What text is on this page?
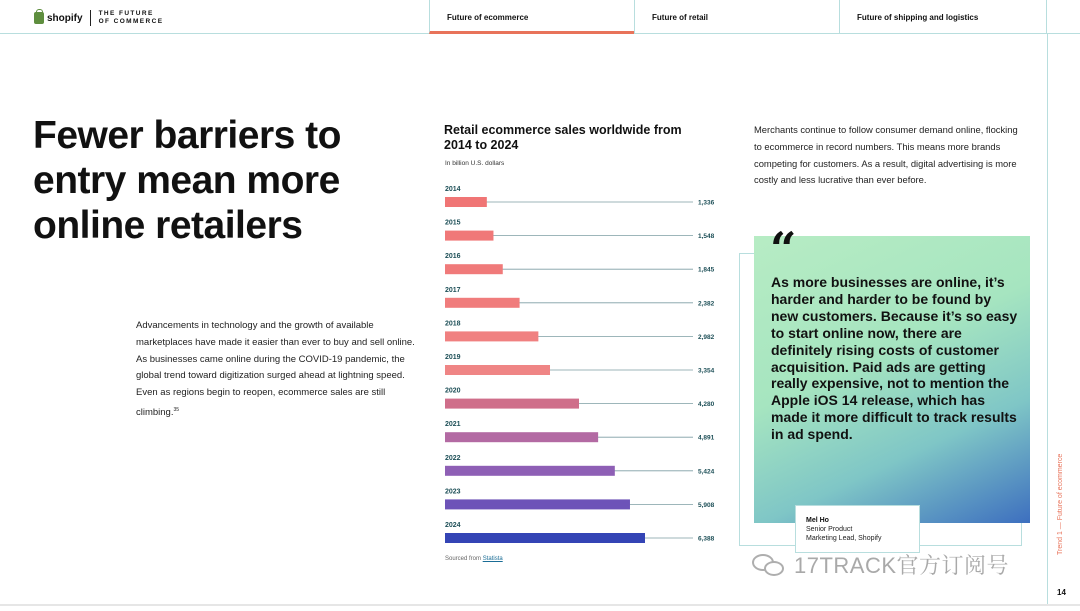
shopify THE FUTURE
OF COMMERCE	Future of ecommerce	Future of retail	Future of shipping and logistics
Fewer barriers to entry mean more online retailers

Advancements in technology and the growth of available marketplaces have made it easier than ever to buy and sell online. As businesses came online during the COVID-19 pandemic, the global trend toward digitization surged ahead at lightning speed. Even as regions begin to reopen, ecommerce sales are still climbing.$^{35}$

Retail ecommerce sales worldwide from 2014 to 2024
In billion U.S. dollars
2014
1,336
2015
1,548
2016
1,845
2017
2,382
2018
2,982
2019
3,354
2020
4,280
2021
4,891
2022
5,424
2023
5,908
2024
6,388
Sourced from Statista

Merchants continue to follow consumer demand online, flocking to ecommerce in record numbers. This means more brands competing for customers. As a result, digital advertising is more costly and less lucrative than ever before.

“

As more businesses are online, it’s harder and harder to be found by new customers. Because it’s so easy to start online now, there are definitely rising costs of customer acquisition. Paid ads are getting really expensive, not to mention the Apple iOS 14 release, which has made it more difficult to track results in ad spend.

Mel Ho
Senior Product
Marketing Lead, Shopify	Trend 1 — Future of ecommerce
14
17TRACK官方订阅号
